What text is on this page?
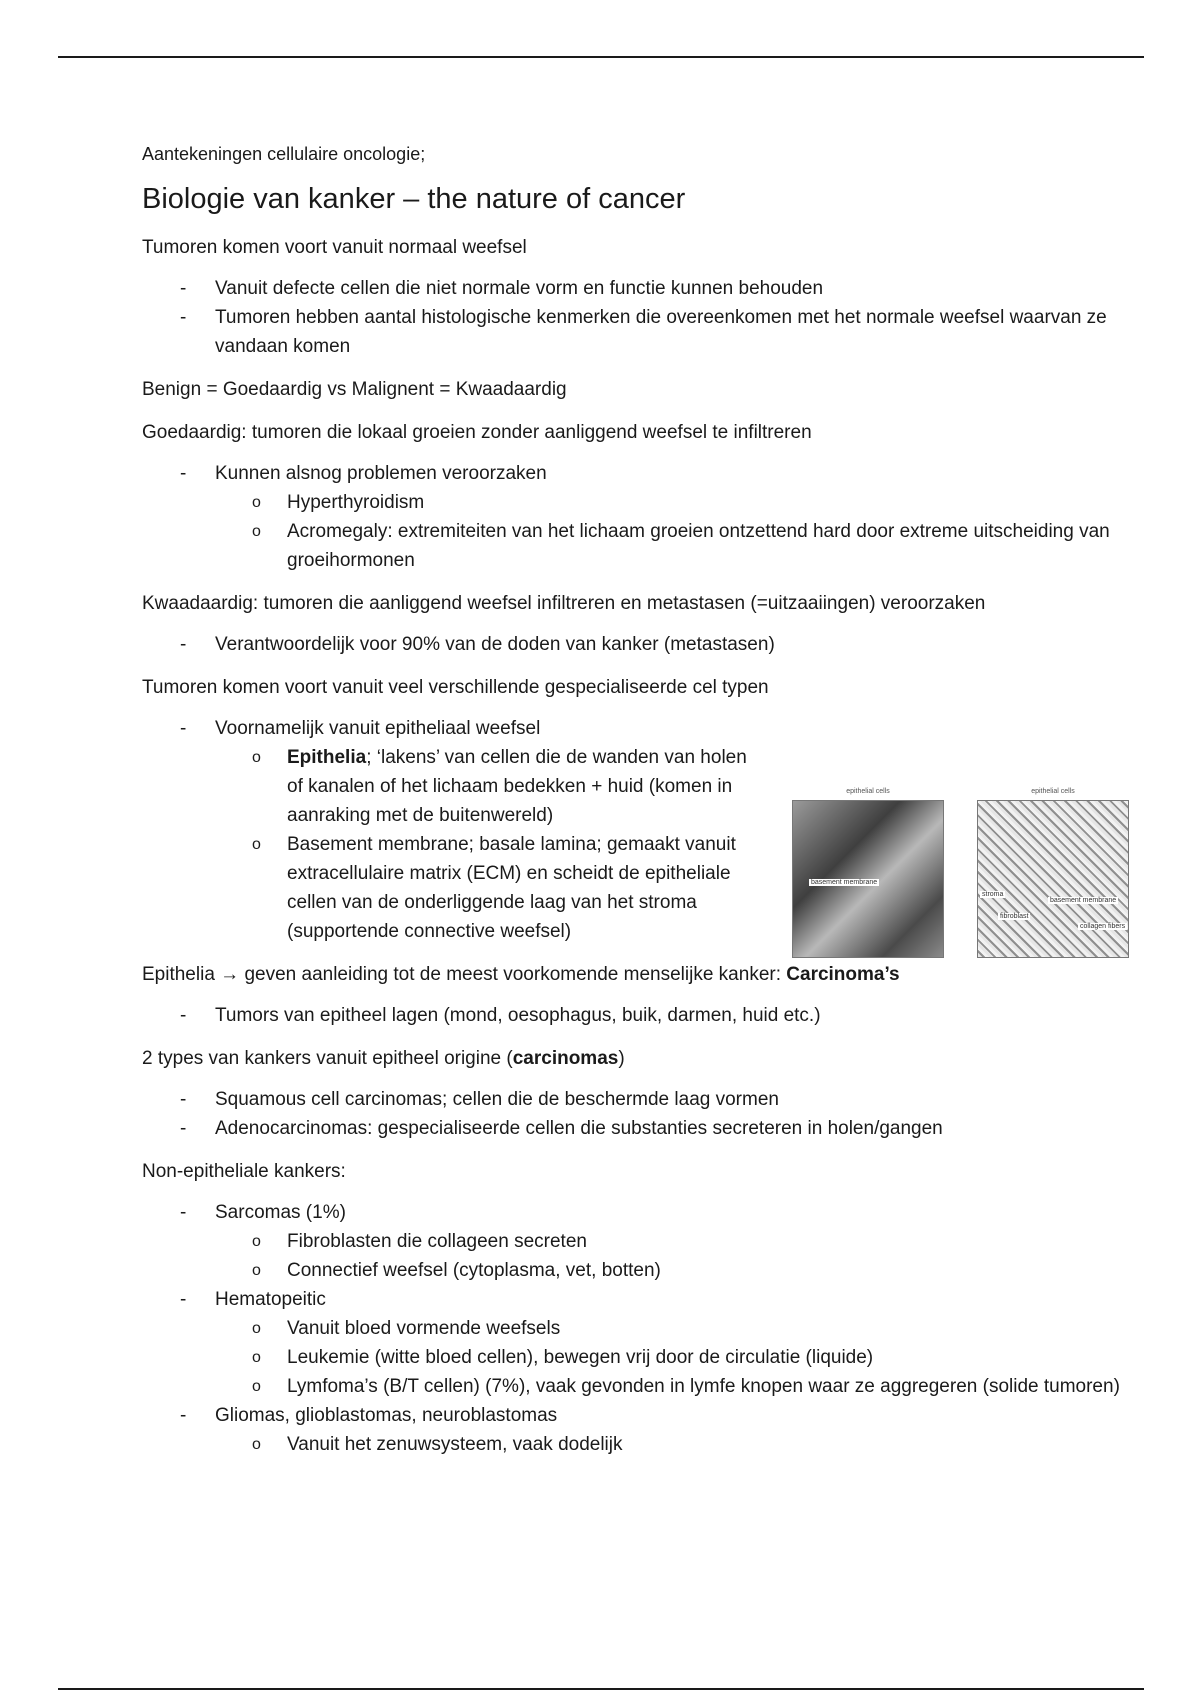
Aantekeningen cellulaire oncologie;

Biologie van kanker – the nature of cancer

Tumoren komen voort vanuit normaal weefsel

- Vanuit defecte cellen die niet normale vorm en functie kunnen behouden
- Tumoren hebben aantal histologische kenmerken die overeenkomen met het normale weefsel waarvan ze vandaan komen

Benign = Goedaardig vs Malignent = Kwaadaardig

Goedaardig: tumoren die lokaal groeien zonder aanliggend weefsel te infiltreren

- Kunnen alsnog problemen veroorzaken
o Hyperthyroidism
o Acromegaly: extremiteiten van het lichaam groeien ontzettend hard door extreme uitscheiding van groeihormonen

Kwaadaardig: tumoren die aanliggend weefsel infiltreren en metastasen (=uitzaaiingen) veroorzaken

- Verantwoordelijk voor 90% van de doden van kanker (metastasen)

Tumoren komen voort vanuit veel verschillende gespecialiseerde cel typen

- Voornamelijk vanuit epitheliaal weefsel
o Epithelia; ‘lakens’ van cellen die de wanden van holen of kanalen of het lichaam bedekken + huid (komen in aanraking met de buitenwereld)
o Basement membrane; basale lamina; gemaakt vanuit extracellulaire matrix (ECM) en scheidt de epitheliale cellen van de onderliggende laag van het stroma (supportende connective weefsel)

Epithelia → geven aanleiding tot de meest voorkomende menselijke kanker: Carcinoma’s

- Tumors van epitheel lagen (mond, oesophagus, buik, darmen, huid etc.)

2 types van kankers vanuit epitheel origine (carcinomas)

- Squamous cell carcinomas; cellen die de beschermde laag vormen
- Adenocarcinomas: gespecialiseerde cellen die substanties secreteren in holen/gangen

Non-epitheliale kankers:

- Sarcomas (1%)
o Fibroblasten die collageen secreten
o Connectief weefsel (cytoplasma, vet, botten)
- Hematopeitic
o Vanuit bloed vormende weefsels
o Leukemie (witte bloed cellen), bewegen vrij door de circulatie (liquide)
o Lymfoma’s (B/T cellen) (7%), vaak gevonden in lymfe knopen waar ze aggregeren (solide tumoren)
- Gliomas, glioblastomas, neuroblastomas
o Vanuit het zenuwsysteem, vaak dodelijk
epithelial cells
basement membrane
epithelial cells
basement membrane
fibroblast
collagen fibers
stroma
